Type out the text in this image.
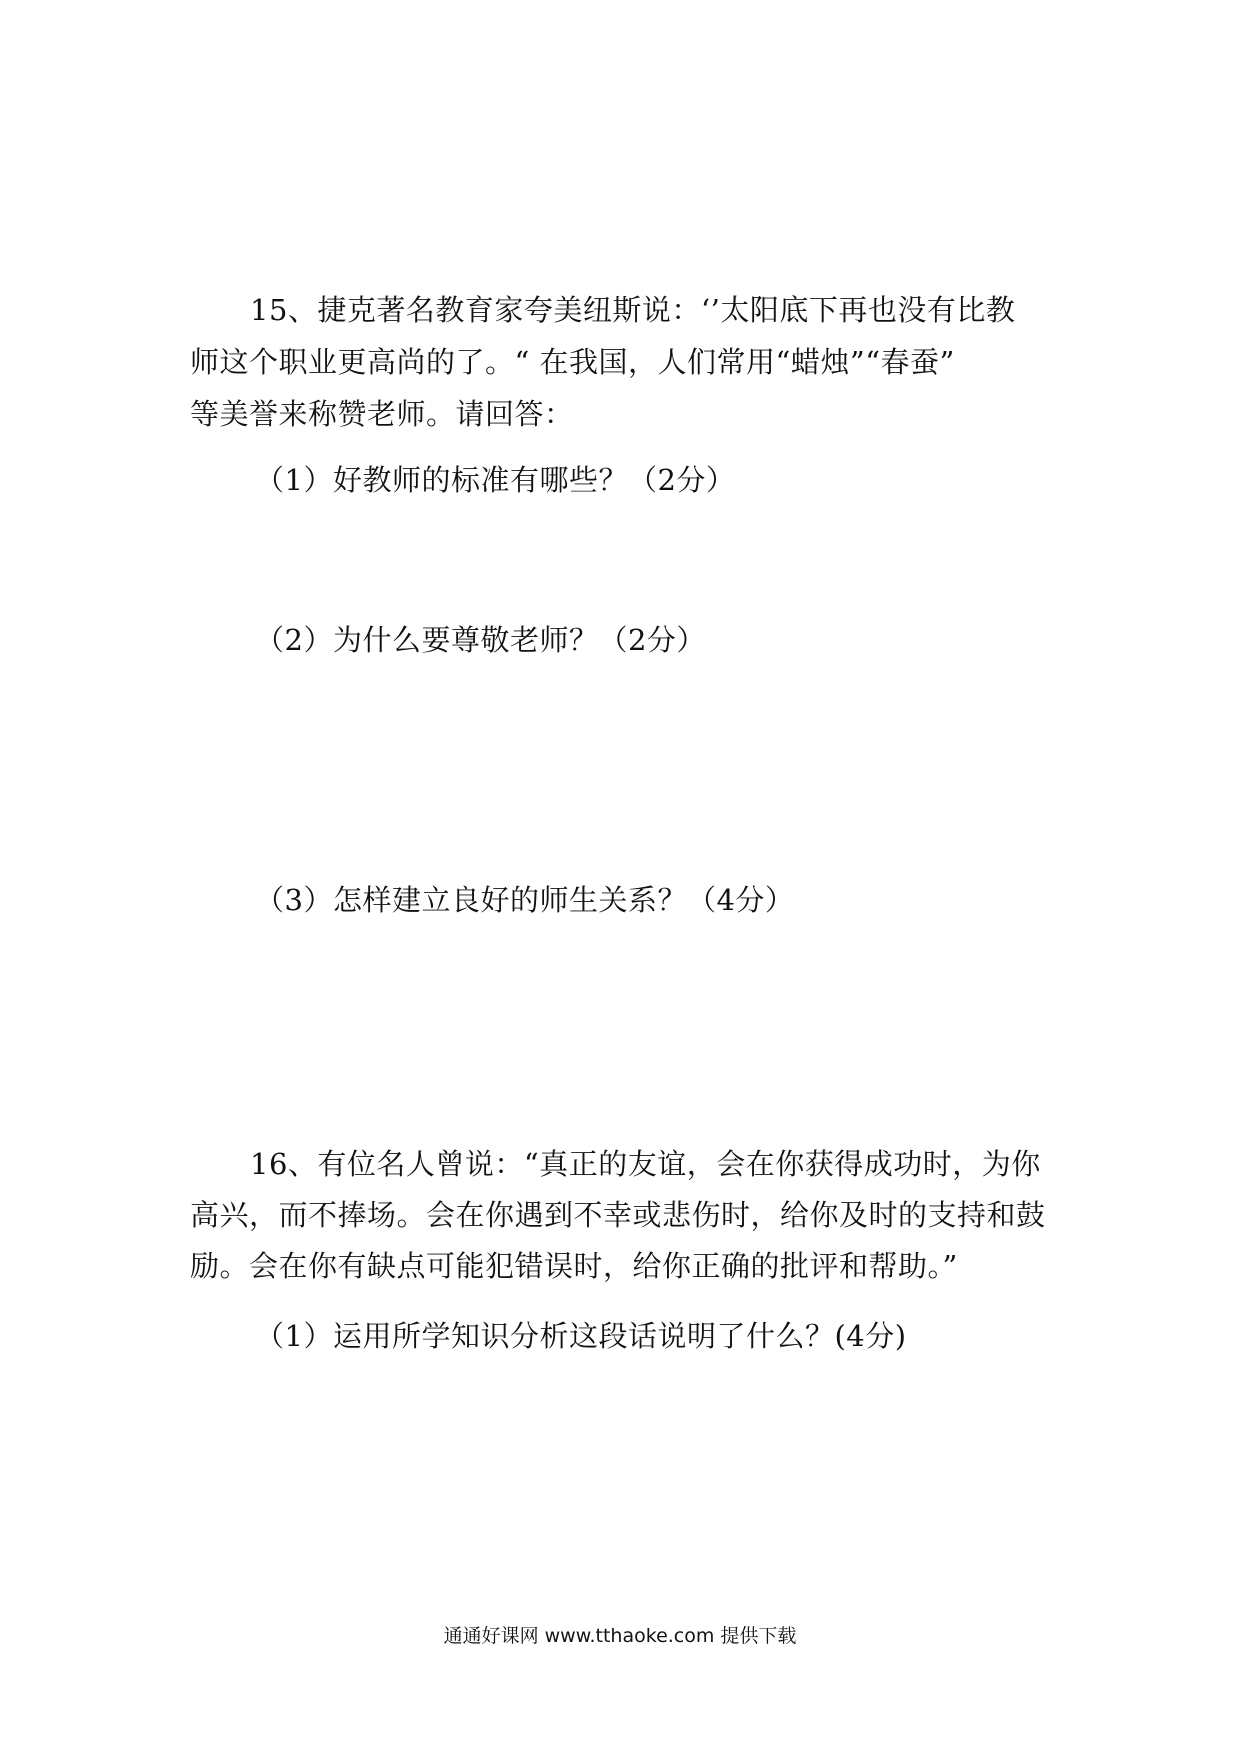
15、捷克著名教育家夸美纽斯说：‘’太阳底下再也没有比教
师这个职业更高尚的了。“ 在我国，人们常用“蜡烛”“春蚕”
等美誉来称赞老师。请回答：
（1）好教师的标准有哪些？（2分）
（2）为什么要尊敬老师？（2分）
（3）怎样建立良好的师生关系？（4分）
16、有位名人曾说：“真正的友谊，会在你获得成功时，为你
高兴，而不捧场。会在你遇到不幸或悲伤时，给你及时的支持和鼓
励。会在你有缺点可能犯错误时，给你正确的批评和帮助。”
（1）运用所学知识分析这段话说明了什么？(4分)
通通好课网 www.tthaoke.com 提供下载
